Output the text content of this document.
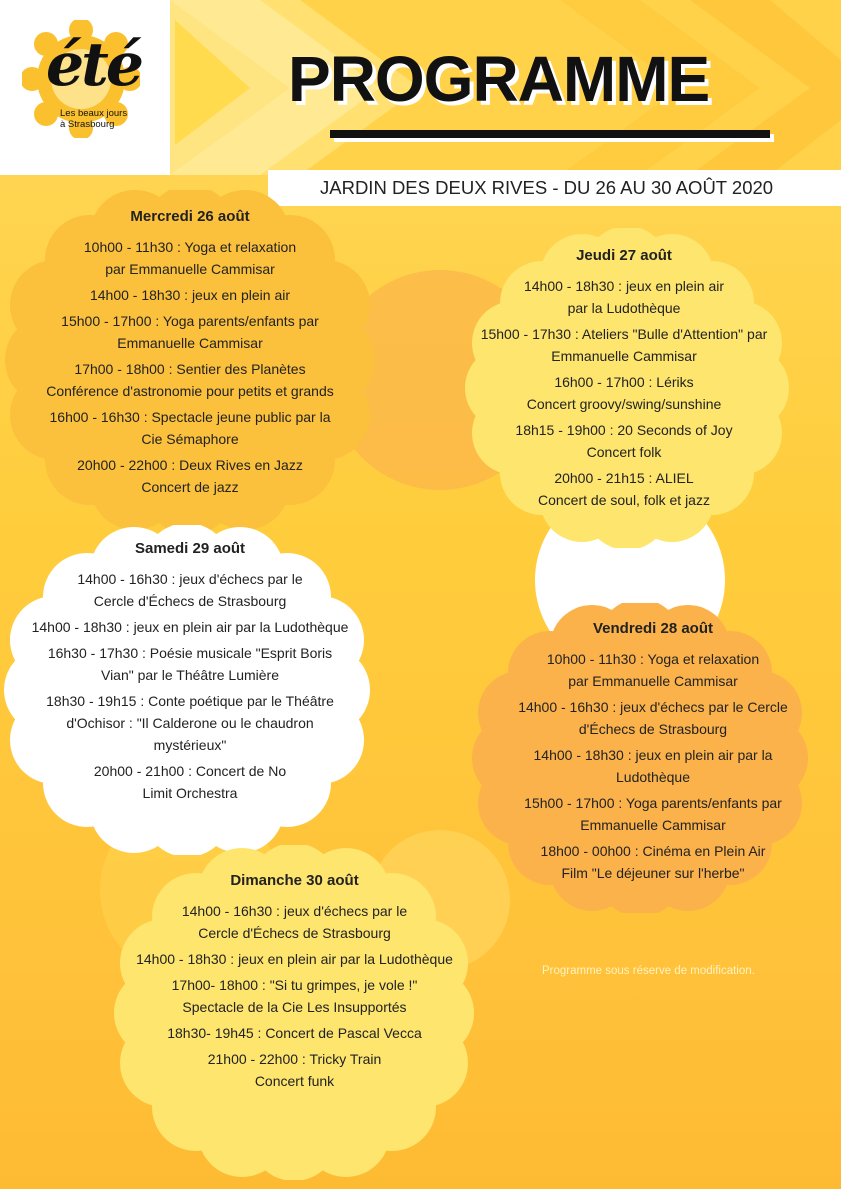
été
Les beaux jours à Strasbourg
PROGRAMME
JARDIN DES DEUX RIVES - DU 26 AU 30 AOÛT 2020
Mercredi 26 août
10h00 - 11h30 : Yoga et relaxation
par Emmanuelle Cammisar
14h00 - 18h30 : jeux en plein air
15h00 - 17h00 : Yoga parents/enfants par
Emmanuelle Cammisar
17h00 - 18h00 : Sentier des Planètes
Conférence d'astronomie pour petits et grands
16h00 - 16h30 : Spectacle jeune public par la
Cie Sémaphore
20h00 - 22h00 : Deux Rives en Jazz
Concert de jazz
Jeudi 27 août
14h00 - 18h30 : jeux en plein air
par la Ludothèque
15h00 - 17h30 : Ateliers "Bulle d'Attention" par
Emmanuelle Cammisar
16h00 - 17h00 : Lériks
Concert groovy/swing/sunshine
18h15 - 19h00 : 20 Seconds of Joy
Concert folk
20h00 - 21h15 : ALIEL
Concert de soul, folk et jazz
Samedi 29 août
14h00 - 16h30 : jeux d'échecs par le
Cercle d'Échecs de Strasbourg
14h00 - 18h30 : jeux en plein air par la Ludothèque
16h30 - 17h30 : Poésie musicale "Esprit Boris
Vian" par le Théâtre Lumière
18h30 - 19h15 : Conte poétique par le Théâtre
d'Ochisor : "Il Calderone ou le chaudron
mystérieux"
20h00 - 21h00 : Concert de No
Limit Orchestra
Vendredi 28 août
10h00 - 11h30 : Yoga et relaxation
par Emmanuelle Cammisar
14h00 - 16h30 : jeux d'échecs par le Cercle
d'Échecs de Strasbourg
14h00 - 18h30 : jeux en plein air par la
Ludothèque
15h00 - 17h00 : Yoga parents/enfants par
Emmanuelle Cammisar
18h00 - 00h00 : Cinéma en Plein Air
Film "Le déjeuner sur l'herbe"
Dimanche 30 août
14h00 - 16h30 : jeux d'échecs par le
Cercle d'Échecs de Strasbourg
14h00 - 18h30 : jeux en plein air par la Ludothèque
17h00- 18h00 : "Si tu grimpes, je vole !"
Spectacle de la Cie Les Insupportés
18h30- 19h45 : Concert de Pascal Vecca
21h00 - 22h00 : Tricky Train
Concert funk
Programme sous réserve de modification.
